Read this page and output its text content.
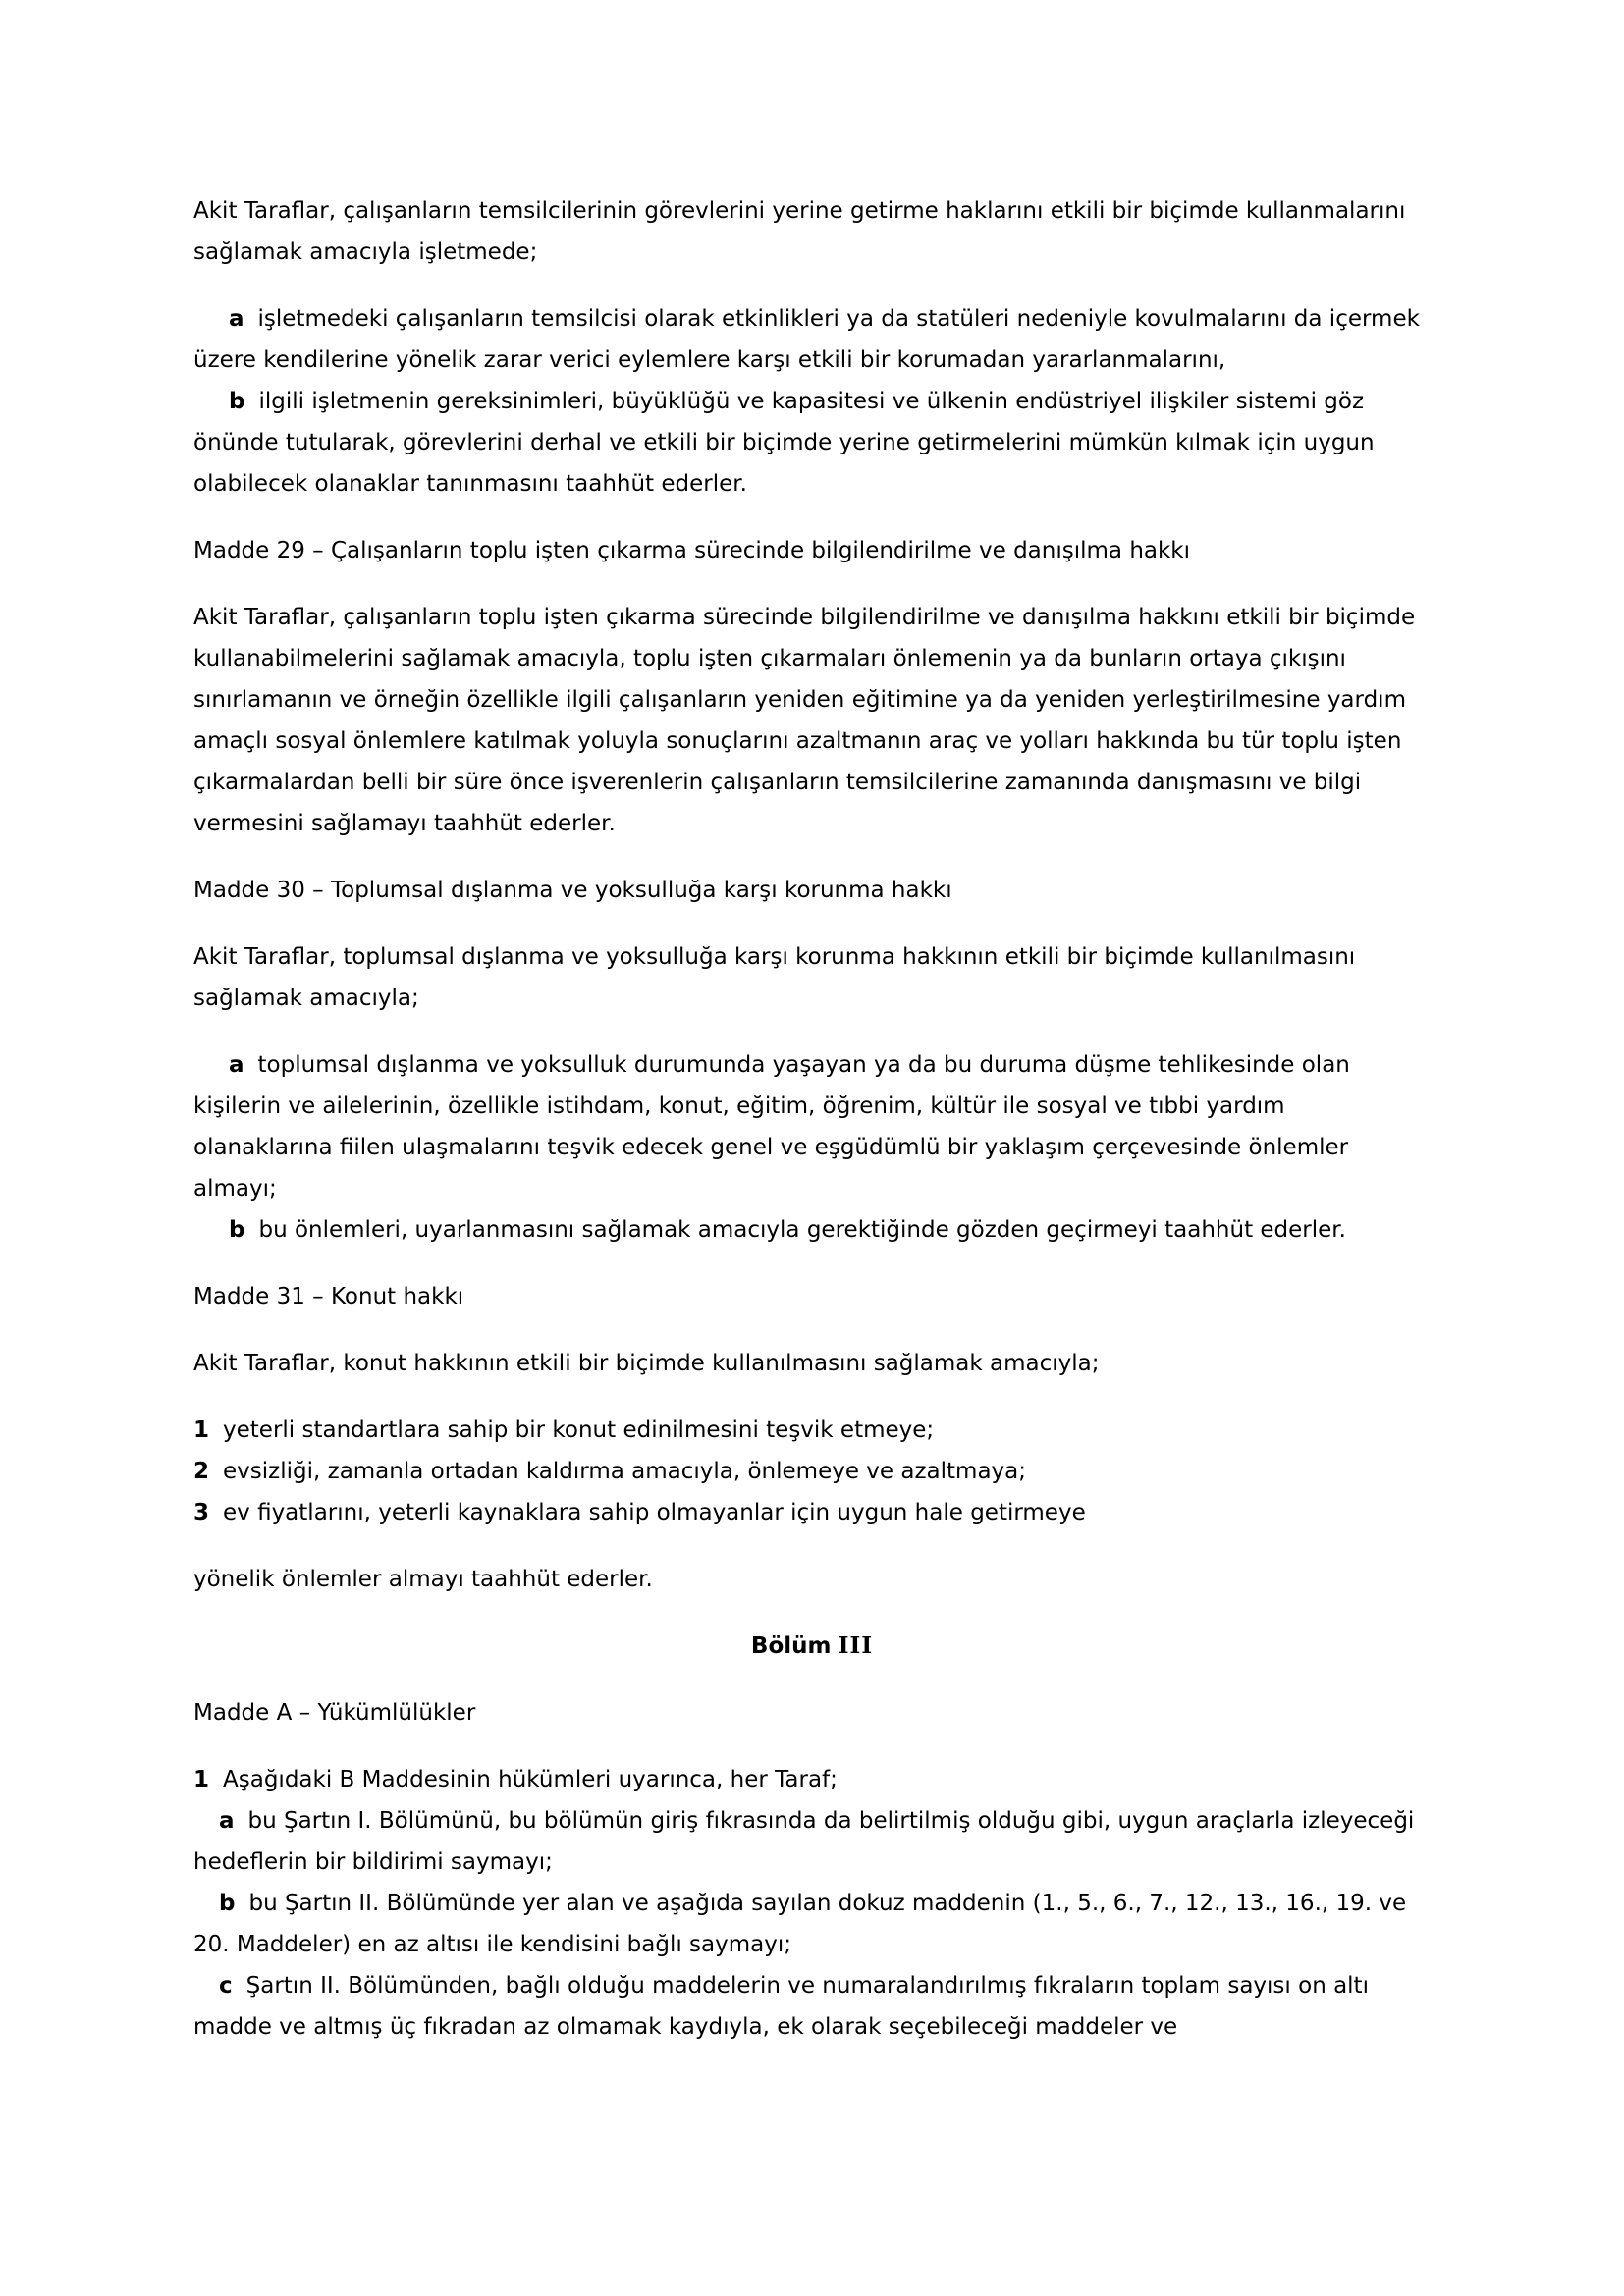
Akit Taraflar, çalışanların temsilcilerinin görevlerini yerine getirme haklarını etkili bir biçimde kullanmalarını sağlamak amacıyla işletmede;

a işletmedeki çalışanların temsilcisi olarak etkinlikleri ya da statüleri nedeniyle kovulmalarını da içermek üzere kendilerine yönelik zarar verici eylemlere karşı etkili bir korumadan yararlanmalarını,

b ilgili işletmenin gereksinimleri, büyüklüğü ve kapasitesi ve ülkenin endüstriyel ilişkiler sistemi göz önünde tutularak, görevlerini derhal ve etkili bir biçimde yerine getirmelerini mümkün kılmak için uygun olabilecek olanaklar tanınmasını taahhüt ederler.

Madde 29 – Çalışanların toplu işten çıkarma sürecinde bilgilendirilme ve danışılma hakkı

Akit Taraflar, çalışanların toplu işten çıkarma sürecinde bilgilendirilme ve danışılma hakkını etkili bir biçimde kullanabilmelerini sağlamak amacıyla, toplu işten çıkarmaları önlemenin ya da bunların ortaya çıkışını sınırlamanın ve örneğin özellikle ilgili çalışanların yeniden eğitimine ya da yeniden yerleştirilmesine yardım amaçlı sosyal önlemlere katılmak yoluyla sonuçlarını azaltmanın araç ve yolları hakkında bu tür toplu işten çıkarmalardan belli bir süre önce işverenlerin çalışanların temsilcilerine zamanında danışmasını ve bilgi vermesini sağlamayı taahhüt ederler.

Madde 30 – Toplumsal dışlanma ve yoksulluğa karşı korunma hakkı

Akit Taraflar, toplumsal dışlanma ve yoksulluğa karşı korunma hakkının etkili bir biçimde kullanılmasını sağlamak amacıyla;

a toplumsal dışlanma ve yoksulluk durumunda yaşayan ya da bu duruma düşme tehlikesinde olan kişilerin ve ailelerinin, özellikle istihdam, konut, eğitim, öğrenim, kültür ile sosyal ve tıbbi yardım olanaklarına fiilen ulaşmalarını teşvik edecek genel ve eşgüdümlü bir yaklaşım çerçevesinde önlemler almayı;

b bu önlemleri, uyarlanmasını sağlamak amacıyla gerektiğinde gözden geçirmeyi taahhüt ederler.

Madde 31 – Konut hakkı

Akit Taraflar, konut hakkının etkili bir biçimde kullanılmasını sağlamak amacıyla;

1 yeterli standartlara sahip bir konut edinilmesini teşvik etmeye;

2 evsizliği, zamanla ortadan kaldırma amacıyla, önlemeye ve azaltmaya;

3 ev fiyatlarını, yeterli kaynaklara sahip olmayanlar için uygun hale getirmeye

yönelik önlemler almayı taahhüt ederler.

Bölüm III
Madde A – Yükümlülükler

1 Aşağıdaki B Maddesinin hükümleri uyarınca, her Taraf;

a bu Şartın I. Bölümünü, bu bölümün giriş fıkrasında da belirtilmiş olduğu gibi, uygun araçlarla izleyeceği hedeflerin bir bildirimi saymayı;

b bu Şartın II. Bölümünde yer alan ve aşağıda sayılan dokuz maddenin (1., 5., 6., 7., 12., 13., 16., 19. ve 20. Maddeler) en az altısı ile kendisini bağlı saymayı;

c Şartın II. Bölümünden, bağlı olduğu maddelerin ve numaralandırılmış fıkraların toplam sayısı on altı madde ve altmış üç fıkradan az olmamak kaydıyla, ek olarak seçebileceği maddeler ve
